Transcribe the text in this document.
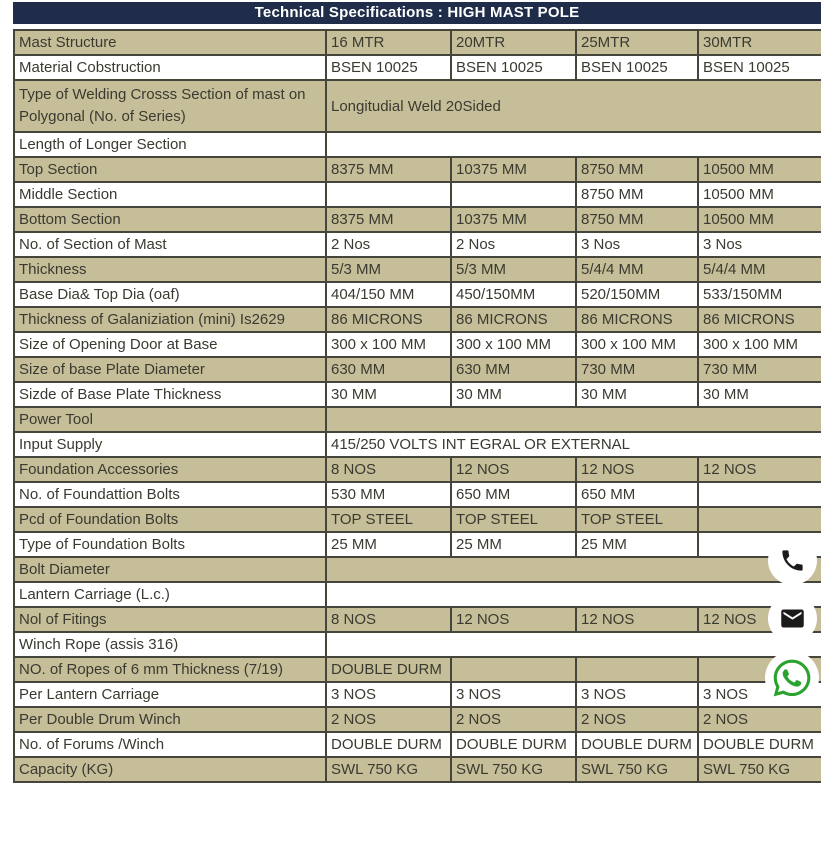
Technical Specifications : HIGH MAST POLE
Mast Structure	16 MTR	20MTR	25MTR	30MTR
Material Cobstruction	BSEN 10025	BSEN 10025	BSEN 10025	BSEN 10025
Type of Welding Crosss Section of mast on Polygonal (No. of Series)	Longitudial Weld 20Sided			
Length of Longer Section				
Top Section	8375 MM	10375 MM	8750 MM	10500 MM
Middle Section			8750 MM	10500 MM
Bottom Section	8375 MM	10375 MM	8750 MM	10500 MM
No. of Section of Mast	2 Nos	2 Nos	3 Nos	3 Nos
Thickness	5/3 MM	5/3 MM	5/4/4 MM	5/4/4 MM
Base Dia& Top Dia (oaf)	404/150 MM	450/150MM	520/150MM	533/150MM
Thickness of Galaniziation (mini) Is2629	86 MICRONS	86 MICRONS	86 MICRONS	86 MICRONS
Size of Opening Door at Base	300 x 100 MM	300 x 100 MM	300 x 100 MM	300 x 100 MM
Size of base Plate Diameter	630 MM	630 MM	730 MM	730 MM
Sizde of Base Plate Thickness	30 MM	30 MM	30 MM	30 MM
Power Tool				
Input Supply	415/250 VOLTS INT EGRAL OR EXTERNAL			
Foundation Accessories	8 NOS	12 NOS	12 NOS	12 NOS
No. of Foundattion Bolts	530 MM	650 MM	650 MM	
Pcd of Foundation Bolts	TOP STEEL	TOP STEEL	TOP STEEL	
Type of Foundation Bolts	25 MM	25 MM	25 MM	
Bolt Diameter				
Lantern Carriage (L.c.)				
Nol of Fitings	8 NOS	12 NOS	12 NOS	12 NOS
Winch Rope (assis 316)				
NO. of Ropes of 6 mm Thickness (7/19)	DOUBLE DURM			
Per Lantern Carriage	3 NOS	3 NOS	3 NOS	3 NOS
Per Double Drum Winch	2 NOS	2 NOS	2 NOS	2 NOS
No. of Forums /Winch	DOUBLE DURM	DOUBLE DURM	DOUBLE DURM	DOUBLE DURM
Capacity (KG)	SWL 750 KG	SWL 750 KG	SWL 750 KG	SWL 750 KG
